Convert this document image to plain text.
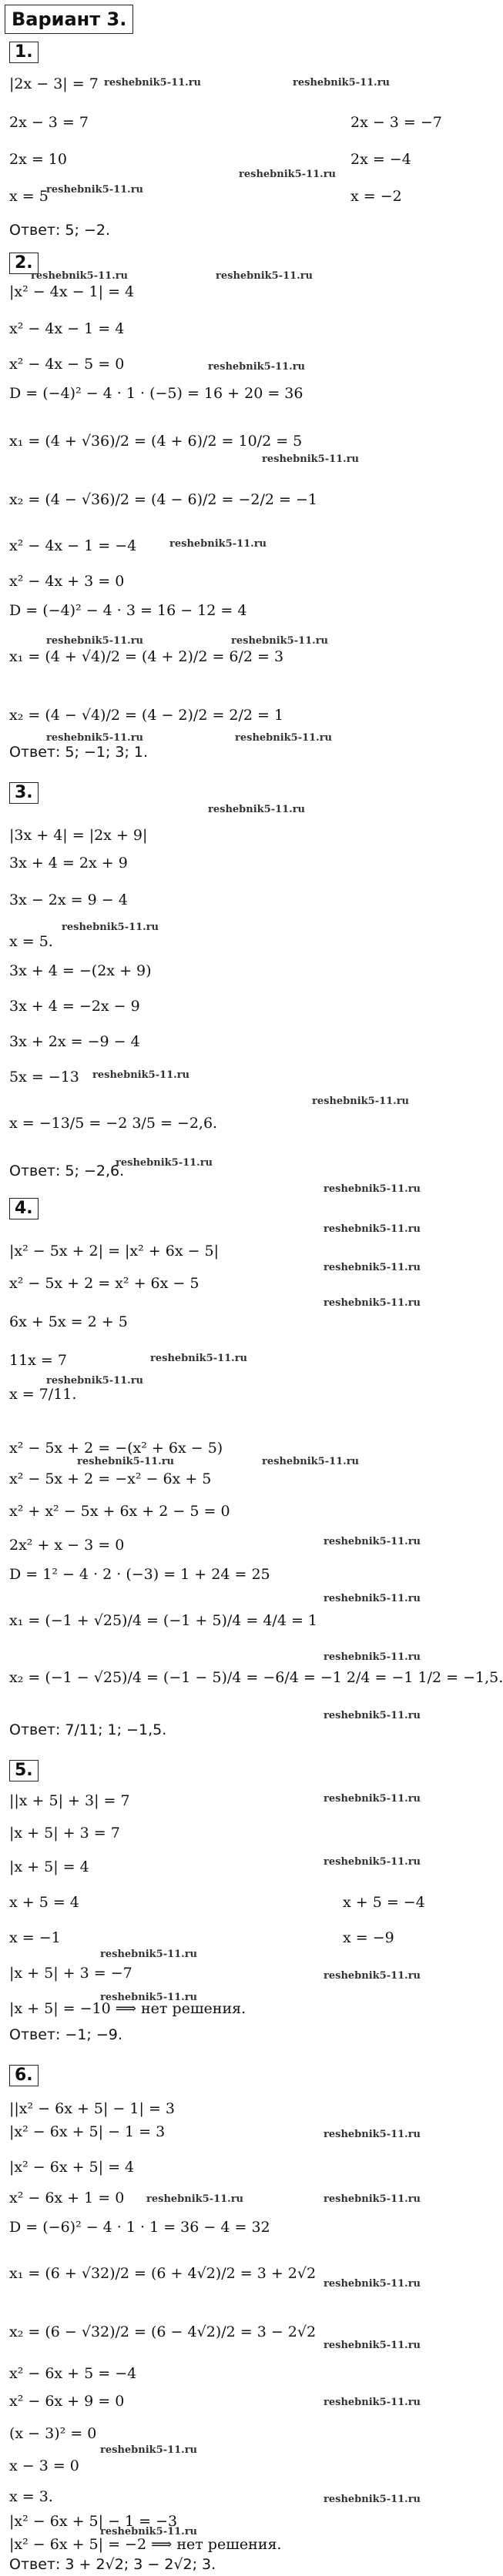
Вариант 3.
1.
|2x − 3| = 7
2x − 3 = 7	2x − 3 = −7
2x = 10	2x = −4
x = 5	x = −2
Ответ: 5; −2.
reshebnik5-11.ru	reshebnik5-11.ru
reshebnik5-11.ru
reshebnik5-11.ru
2.
|x² − 4x − 1| = 4
x² − 4x − 1 = 4
x² − 4x − 5 = 0
D = (−4)² − 4 · 1 · (−5) = 16 + 20 = 36
x₁ = (4 + √36)/2 = (4 + 6)/2 = 10/2 = 5
x₂ = (4 − √36)/2 = (4 − 6)/2 = −2/2 = −1
x² − 4x − 1 = −4
x² − 4x + 3 = 0
D = (−4)² − 4 · 3 = 16 − 12 = 4
x₁ = (4 + √4)/2 = (4 + 2)/2 = 6/2 = 3
x₂ = (4 − √4)/2 = (4 − 2)/2 = 2/2 = 1
Ответ: 5; −1; 3; 1.
reshebnik5-11.ru	reshebnik5-11.ru
reshebnik5-11.ru
reshebnik5-11.ru
reshebnik5-11.ru
reshebnik5-11.ru	reshebnik5-11.ru
reshebnik5-11.ru	reshebnik5-11.ru
3.
|3x + 4| = |2x + 9|
3x + 4 = 2x + 9
3x − 2x = 9 − 4
x = 5.
3x + 4 = −(2x + 9)
3x + 4 = −2x − 9
3x + 2x = −9 − 4
5x = −13
x = −13/5 = −2 3/5 = −2,6.
Ответ: 5; −2,6.
reshebnik5-11.ru
reshebnik5-11.ru
reshebnik5-11.ru
reshebnik5-11.ru
reshebnik5-11.ru
reshebnik5-11.ru
4.
|x² − 5x + 2| = |x² + 6x − 5|
x² − 5x + 2 = x² + 6x − 5
6x + 5x = 2 + 5
11x = 7
x = 7/11.
x² − 5x + 2 = −(x² + 6x − 5)
x² − 5x + 2 = −x² − 6x + 5
x² + x² − 5x + 6x + 2 − 5 = 0
2x² + x − 3 = 0
D = 1² − 4 · 2 · (−3) = 1 + 24 = 25
x₁ = (−1 + √25)/4 = (−1 + 5)/4 = 4/4 = 1
x₂ = (−1 − √25)/4 = (−1 − 5)/4 = −6/4 = −1 2/4 = −1 1/2 = −1,5.
Ответ: 7/11; 1; −1,5.
reshebnik5-11.ru
reshebnik5-11.ru
reshebnik5-11.ru
reshebnik5-11.ru
reshebnik5-11.ru
reshebnik5-11.ru	reshebnik5-11.ru
reshebnik5-11.ru
reshebnik5-11.ru
reshebnik5-11.ru
reshebnik5-11.ru
5.
||x + 5| + 3| = 7
|x + 5| + 3 = 7
|x + 5| = 4
x + 5 = 4	x + 5 = −4
x = −1	x = −9
|x + 5| + 3 = −7
|x + 5| = −10 ⟹ нет решения.
Ответ: −1; −9.
reshebnik5-11.ru
reshebnik5-11.ru
reshebnik5-11.ru
reshebnik5-11.ru
reshebnik5-11.ru
6.
||x² − 6x + 5| − 1| = 3
|x² − 6x + 5| − 1 = 3
|x² − 6x + 5| = 4
x² − 6x + 1 = 0
D = (−6)² − 4 · 1 · 1 = 36 − 4 = 32
x₁ = (6 + √32)/2 = (6 + 4√2)/2 = 3 + 2√2
x₂ = (6 − √32)/2 = (6 − 4√2)/2 = 3 − 2√2
x² − 6x + 5 = −4
x² − 6x + 9 = 0
(x − 3)² = 0
x − 3 = 0
x = 3.
|x² − 6x + 5| − 1 = −3
|x² − 6x + 5| = −2 ⟹ нет решения.
Ответ: 3 + 2√2; 3 − 2√2; 3.
reshebnik5-11.ru
reshebnik5-11.ru	reshebnik5-11.ru
reshebnik5-11.ru
reshebnik5-11.ru
reshebnik5-11.ru
reshebnik5-11.ru
reshebnik5-11.ru
reshebnik5-11.ru
